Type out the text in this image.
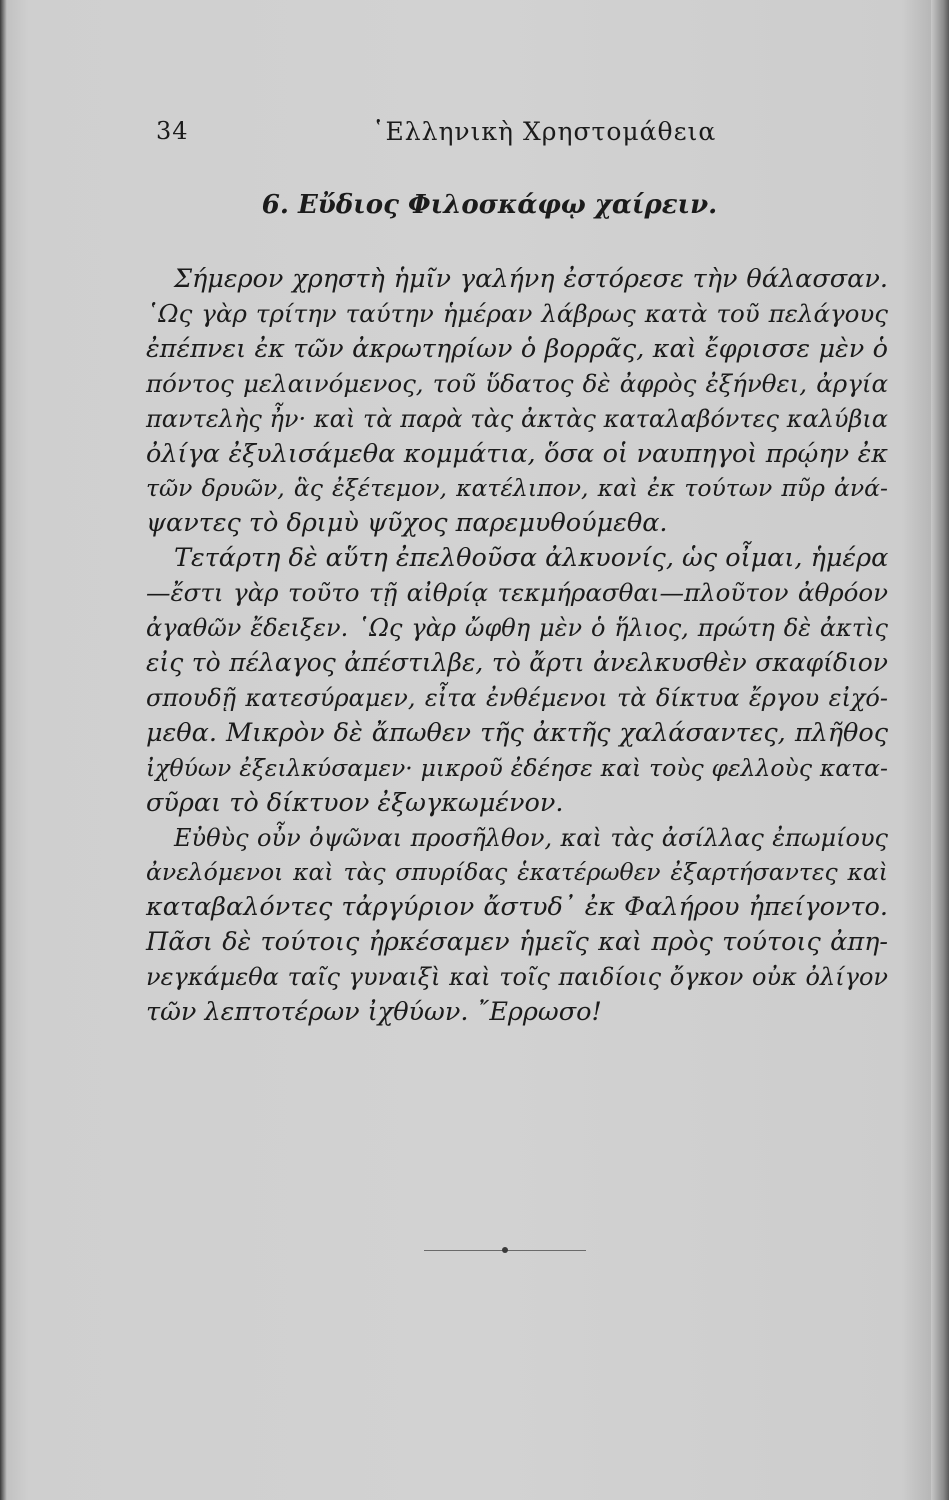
34	῾Ελληνικὴ Χρηστομάθεια
6. Εὔδιος Φιλοσκάφῳ χαίρειν.
Σήμερον χρηστὴ ἡμῖν γαλήνη ἐστόρεσε τὴν θάλασσαν.
῾Ως γὰρ τρίτην ταύτην ἡμέραν λάβρως κατὰ τοῦ πελάγους
ἐπέπνει ἐκ τῶν ἀκρωτηρίων ὁ βορρᾶς, καὶ ἔφρισσε μὲν ὁ
πόντος μελαινόμενος, τοῦ ὕδατος δὲ ἀφρὸς ἐξήνθει, ἀργία
παντελὴς ἦν· καὶ τὰ παρὰ τὰς ἀκτὰς καταλαβόντες καλύβια
ὀλίγα ἐξυλισάμεθα κομμάτια, ὅσα οἱ ναυπηγοὶ πρῴην ἐκ
τῶν δρυῶν, ἃς ἐξέτεμον, κατέλιπον, καὶ ἐκ τούτων πῦρ ἀνά-
ψαντες τὸ δριμὺ ψῦχος παρεμυθούμεθα.
Τετάρτη δὲ αὕτη ἐπελθοῦσα ἀλκυονίς, ὡς οἶμαι, ἡμέρα
—ἔστι γὰρ τοῦτο τῇ αἰθρίᾳ τεκμήρασθαι—πλοῦτον ἀθρόον
ἀγαθῶν ἔδειξεν. ῾Ως γὰρ ὤφθη μὲν ὁ ἥλιος, πρώτη δὲ ἀκτὶς
εἰς τὸ πέλαγος ἀπέστιλβε, τὸ ἄρτι ἀνελκυσθὲν σκαφίδιον
σπουδῇ κατεσύραμεν, εἶτα ἐνθέμενοι τὰ δίκτυα ἔργου εἰχό-
μεθα. Μικρὸν δὲ ἄπωθεν τῆς ἀκτῆς χαλάσαντες, πλῆθος
ἰχθύων ἐξειλκύσαμεν· μικροῦ ἐδέησε καὶ τοὺς φελλοὺς κατα-
σῦραι τὸ δίκτυον ἐξωγκωμένον.
Εὐθὺς οὖν ὀψῶναι προσῆλθον, καὶ τὰς ἀσίλλας ἐπωμίους
ἀνελόμενοι καὶ τὰς σπυρίδας ἑκατέρωθεν ἐξαρτήσαντες καὶ
καταβαλόντες τἀργύριον ἄστυδ᾿ ἐκ Φαλήρου ἠπείγοντο.
Πᾶσι δὲ τούτοις ἠρκέσαμεν ἡμεῖς καὶ πρὸς τούτοις ἀπη-
νεγκάμεθα ταῖς γυναιξὶ καὶ τοῖς παιδίοις ὄγκον οὐκ ὀλίγον
τῶν λεπτοτέρων ἰχθύων. ῎Ερρωσο!
